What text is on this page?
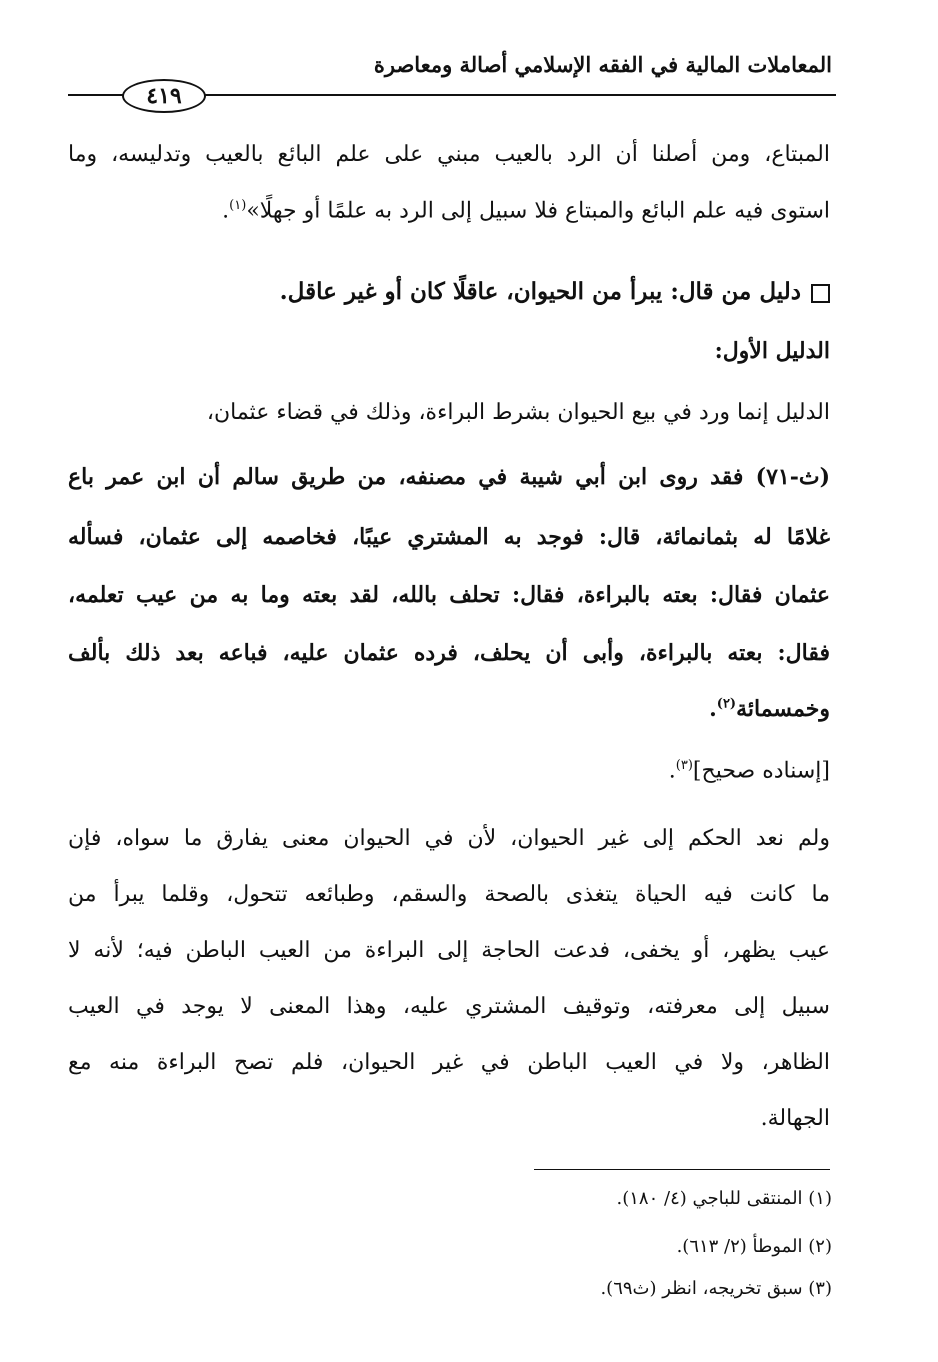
المعاملات المالية في الفقه الإسلامي أصالة ومعاصرة
٤١٩
المبتاع، ومن أصلنا أن الرد بالعيب مبني على علم البائع بالعيب وتدليسه، وما
استوى فيه علم البائع والمبتاع فلا سبيل إلى الرد به علمًا أو جهلًا»$^{(١)}$.
دليل من قال: يبرأ من الحيوان، عاقلًا كان أو غير عاقل.
الدليل الأول:
الدليل إنما ورد في بيع الحيوان بشرط البراءة، وذلك في قضاء عثمان،
(ث-٧١) فقد روى ابن أبي شيبة في مصنفه، من طريق سالم أن ابن عمر باع
غلامًا له بثمانمائة، قال: فوجد به المشتري عيبًا، فخاصمه إلى عثمان، فسأله
عثمان فقال: بعته بالبراءة، فقال: تحلف بالله، لقد بعته وما به من عيب تعلمه،
فقال: بعته بالبراءة، وأبى أن يحلف، فرده عثمان عليه، فباعه بعد ذلك بألف
وخمسمائة$^{(٢)}$.
[إسناده صحيح]$^{(٣)}$.
ولم نعد الحكم إلى غير الحيوان، لأن في الحيوان معنى يفارق ما سواه، فإن
ما كانت فيه الحياة يتغذى بالصحة والسقم، وطبائعه تتحول، وقلما يبرأ من
عيب يظهر، أو يخفى، فدعت الحاجة إلى البراءة من العيب الباطن فيه؛ لأنه لا
سبيل إلى معرفته، وتوقيف المشتري عليه، وهذا المعنى لا يوجد في العيب
الظاهر، ولا في العيب الباطن في غير الحيوان، فلم تصح البراءة منه مع
الجهالة.
(١) المنتقى للباجي (٤/ ١٨٠).
(٢) الموطأ (٢/ ٦١٣).
(٣) سبق تخريجه، انظر (ث٦٩).
